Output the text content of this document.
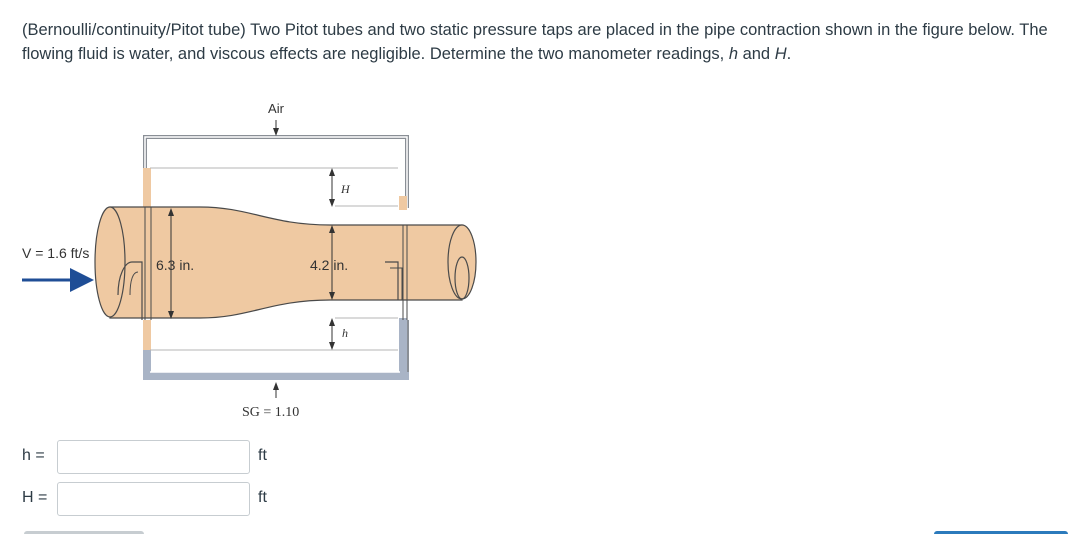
(Bernoulli/continuity/Pitot tube) Two Pitot tubes and two static pressure taps are placed in the pipe contraction shown in the figure below. The flowing fluid is water, and viscous effects are negligible. Determine the two manometer readings, h and H.
Air
V = 1.6 ft/s
6.3 in.	4.2 in.
H
h
SG = 1.10
h =	ft
H =	ft
